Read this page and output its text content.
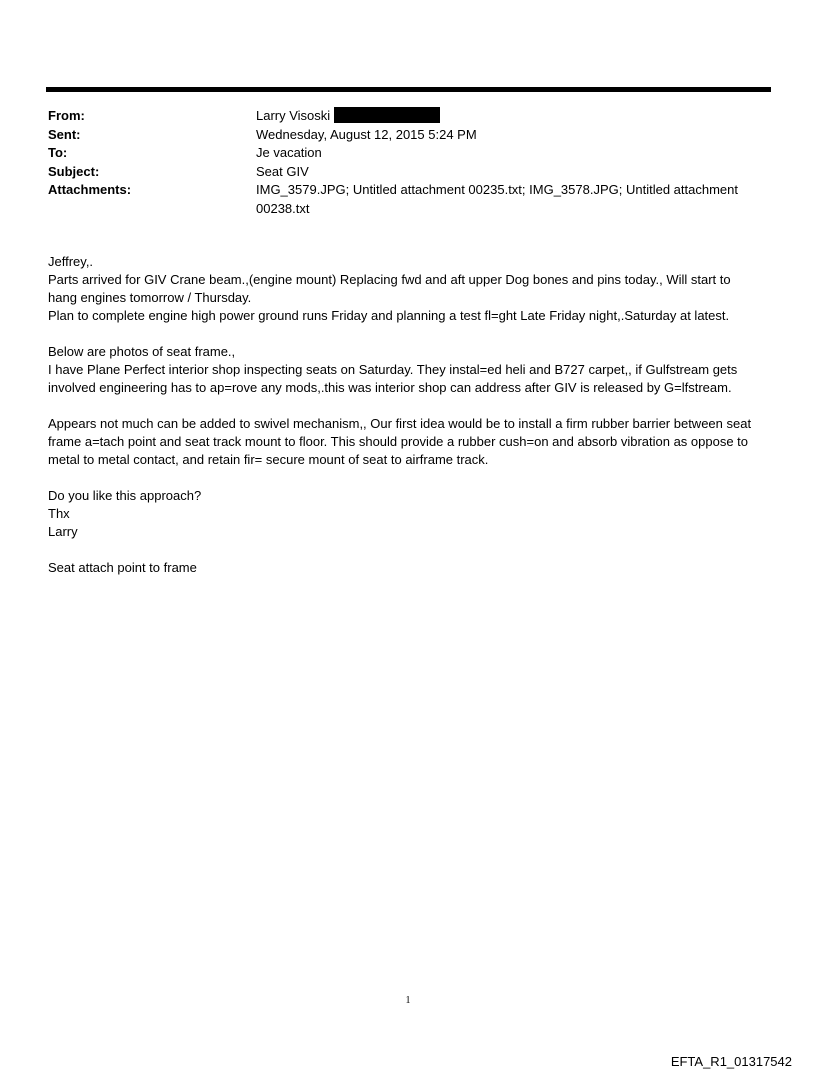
From:	Larry Visoski
Sent:	Wednesday, August 12, 2015 5:24 PM
To:	Je vacation
Subject:	Seat GIV
Attachments:	IMG_3579.JPG; Untitled attachment 00235.txt; IMG_3578.JPG; Untitled attachment 00238.txt

Jeffrey,.

Parts arrived for GIV Crane beam.,(engine mount) Replacing fwd and aft upper Dog bones and pins today., Will start to hang engines tomorrow / Thursday.

Plan to complete engine high power ground runs Friday and planning a test fl=ght Late Friday night,.Saturday at latest.

Below are photos of seat frame.,

I have Plane Perfect interior shop inspecting seats on Saturday. They instal=ed heli and B727 carpet,, if Gulfstream gets involved engineering has to ap=rove any mods,.this was interior shop can address after GIV is released by G=lfstream.

Appears not much can be added to swivel mechanism,, Our first idea would be to install a firm rubber barrier between seat frame a=tach point and seat track mount to floor. This should provide a rubber cush=on and absorb vibration as oppose to metal to metal contact, and retain fir= secure mount of seat to airframe track.

Do you like this approach?

Thx

Larry

Seat attach point to frame

1
EFTA_R1_01317542
